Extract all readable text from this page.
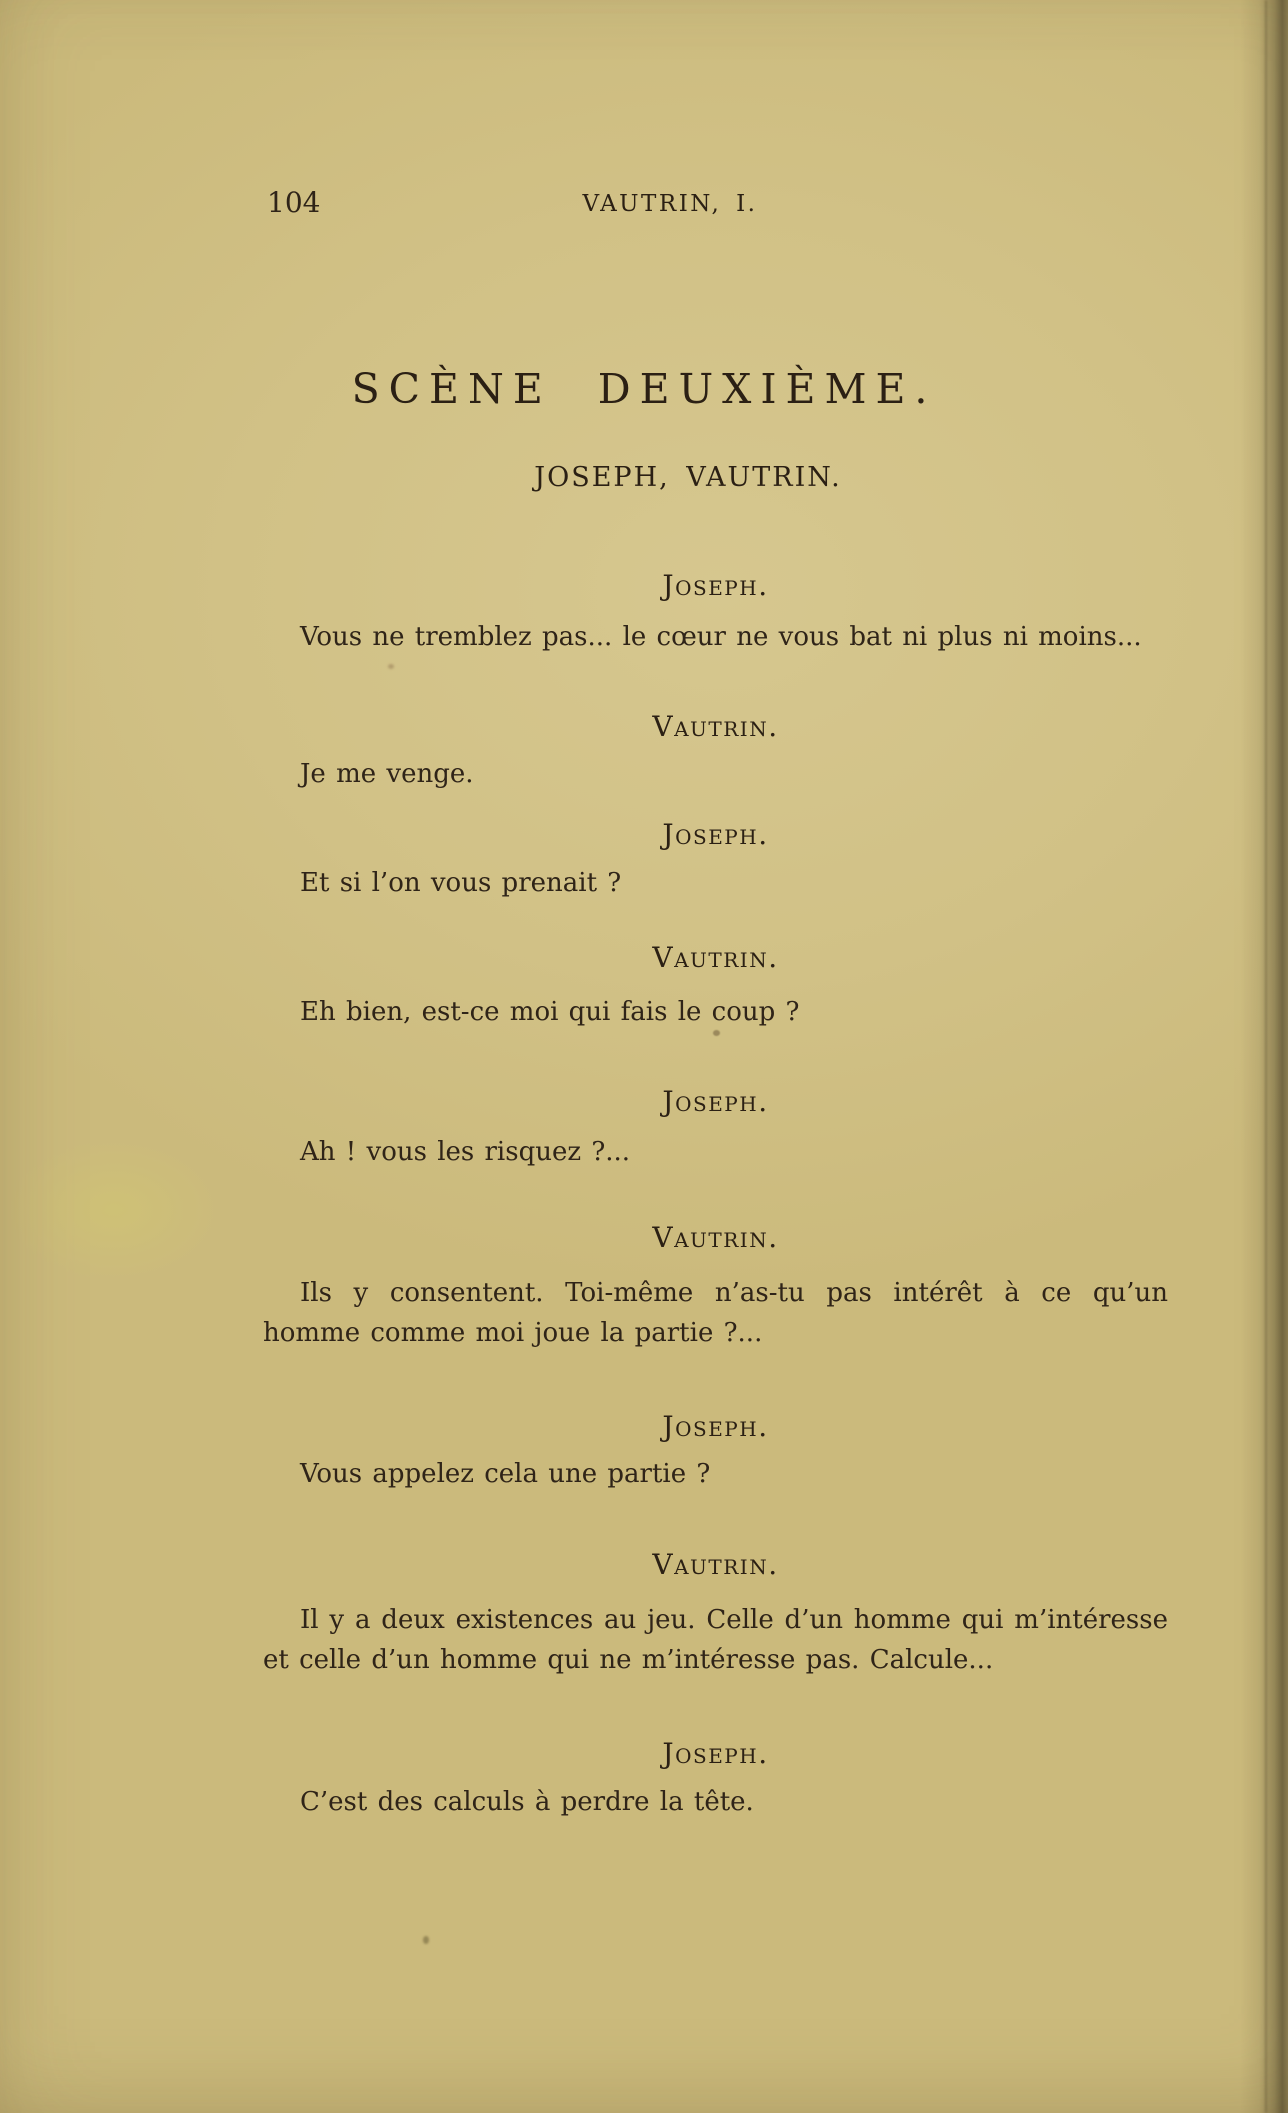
104	VAUTRIN, I.
SCÈNE DEUXIÈME.
JOSEPH, VAUTRIN.
Joseph.
Vous ne tremblez pas... le cœur ne vous bat ni plus ni moins...
Vautrin.
Je me venge.
Joseph.
Et si l’on vous prenait ?
Vautrin.
Eh bien, est-ce moi qui fais le coup ?
Joseph.
Ah ! vous les risquez ?...
Vautrin.
Ils y consentent. Toi-même n’as-tu pas intérêt à ce qu’un
homme comme moi joue la partie ?...
Joseph.
Vous appelez cela une partie ?
Vautrin.
Il y a deux existences au jeu. Celle d’un homme qui m’intéresse
et celle d’un homme qui ne m’intéresse pas. Calcule...
Joseph.
C’est des calculs à perdre la tête.
